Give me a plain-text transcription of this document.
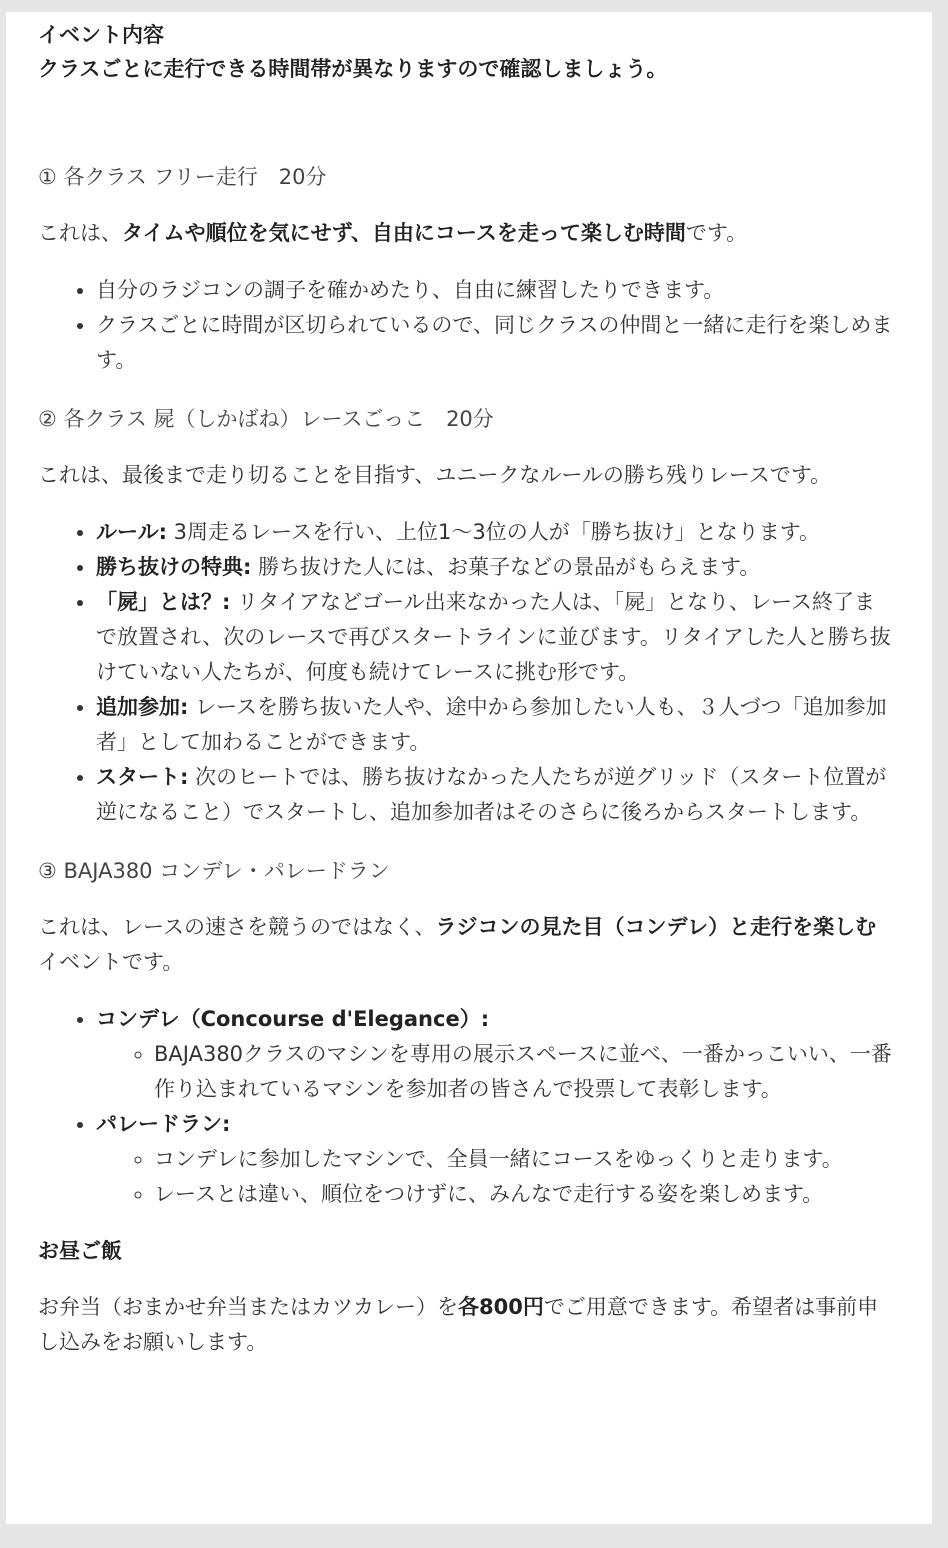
イベント内容
クラスごとに走行できる時間帯が異なりますので確認しましょう。
① 各クラス フリー走行　20分

これは、タイムや順位を気にせず、自由にコースを走って楽しむ時間です。

• 自分のラジコンの調子を確かめたり、自由に練習したりできます。
• クラスごとに時間が区切られているので、同じクラスの仲間と一緒に走行を楽しめます。
② 各クラス 屍（しかばね）レースごっこ　20分

これは、最後まで走り切ることを目指す、ユニークなルールの勝ち残りレースです。

• ルール: 3周走るレースを行い、上位1〜3位の人が「勝ち抜け」となります。
• 勝ち抜けの特典: 勝ち抜けた人には、お菓子などの景品がもらえます。
• 「屍」とは？: リタイアなどゴール出来なかった人は、「屍」となり、レース終了まで放置され、次のレースで再びスタートラインに並びます。リタイアした人と勝ち抜けていない人たちが、何度も続けてレースに挑む形です。
• 追加参加: レースを勝ち抜いた人や、途中から参加したい人も、３人づつ「追加参加者」として加わることができます。
• スタート: 次のヒートでは、勝ち抜けなかった人たちが逆グリッド（スタート位置が逆になること）でスタートし、追加参加者はそのさらに後ろからスタートします。
③ BAJA380 コンデレ・パレードラン

これは、レースの速さを競うのではなく、ラジコンの見た目（コンデレ）と走行を楽しむイベントです。

• コンデレ（Concourse d'Elegance）:
◦ BAJA380クラスのマシンを専用の展示スペースに並べ、一番かっこいい、一番作り込まれているマシンを参加者の皆さんで投票して表彰します。
• パレードラン:
◦ コンデレに参加したマシンで、全員一緒にコースをゆっくりと走ります。
◦ レースとは違い、順位をつけずに、みんなで走行する姿を楽しめます。
お昼ご飯

お弁当（おまかせ弁当またはカツカレー）を各800円でご用意できます。希望者は事前申し込みをお願いします。
